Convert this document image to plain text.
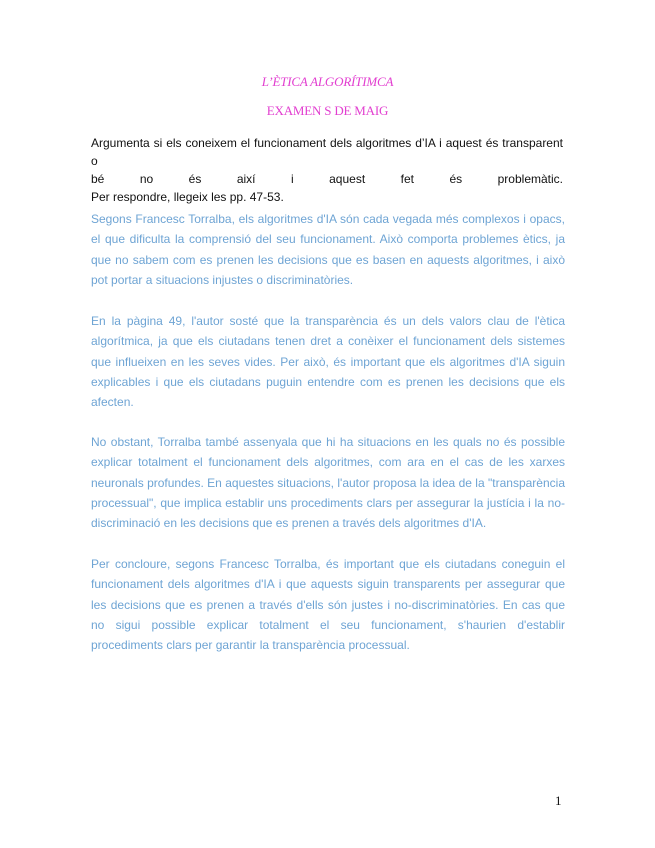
L’ÈTICA ALGORÍTIMCA
EXAMEN S DE MAIG
Argumenta si els coneixem el funcionament dels algoritmes d’IA i aquest és transparent o
bé no és així i aquest fet és problemàtic.
Per respondre, llegeix les pp. 47-53.

Segons Francesc Torralba, els algoritmes d'IA són cada vegada més complexos i opacs, el que dificulta la comprensió del seu funcionament. Això comporta problemes ètics, ja que no sabem com es prenen les decisions que es basen en aquests algoritmes, i això pot portar a situacions injustes o discriminatòries.

En la pàgina 49, l'autor sosté que la transparència és un dels valors clau de l'ètica algorítmica, ja que els ciutadans tenen dret a conèixer el funcionament dels sistemes que influeixen en les seves vides. Per això, és important que els algoritmes d'IA siguin explicables i que els ciutadans puguin entendre com es prenen les decisions que els afecten.

No obstant, Torralba també assenyala que hi ha situacions en les quals no és possible explicar totalment el funcionament dels algoritmes, com ara en el cas de les xarxes neuronals profundes. En aquestes situacions, l'autor proposa la idea de la "transparència processual", que implica establir uns procediments clars per assegurar la justícia i la no-discriminació en les decisions que es prenen a través dels algoritmes d'IA.

Per concloure, segons Francesc Torralba, és important que els ciutadans coneguin el funcionament dels algoritmes d'IA i que aquests siguin transparents per assegurar que les decisions que es prenen a través d'ells són justes i no-discriminatòries. En cas que no sigui possible explicar totalment el seu funcionament, s'haurien d'establir procediments clars per garantir la transparència processual.

1
